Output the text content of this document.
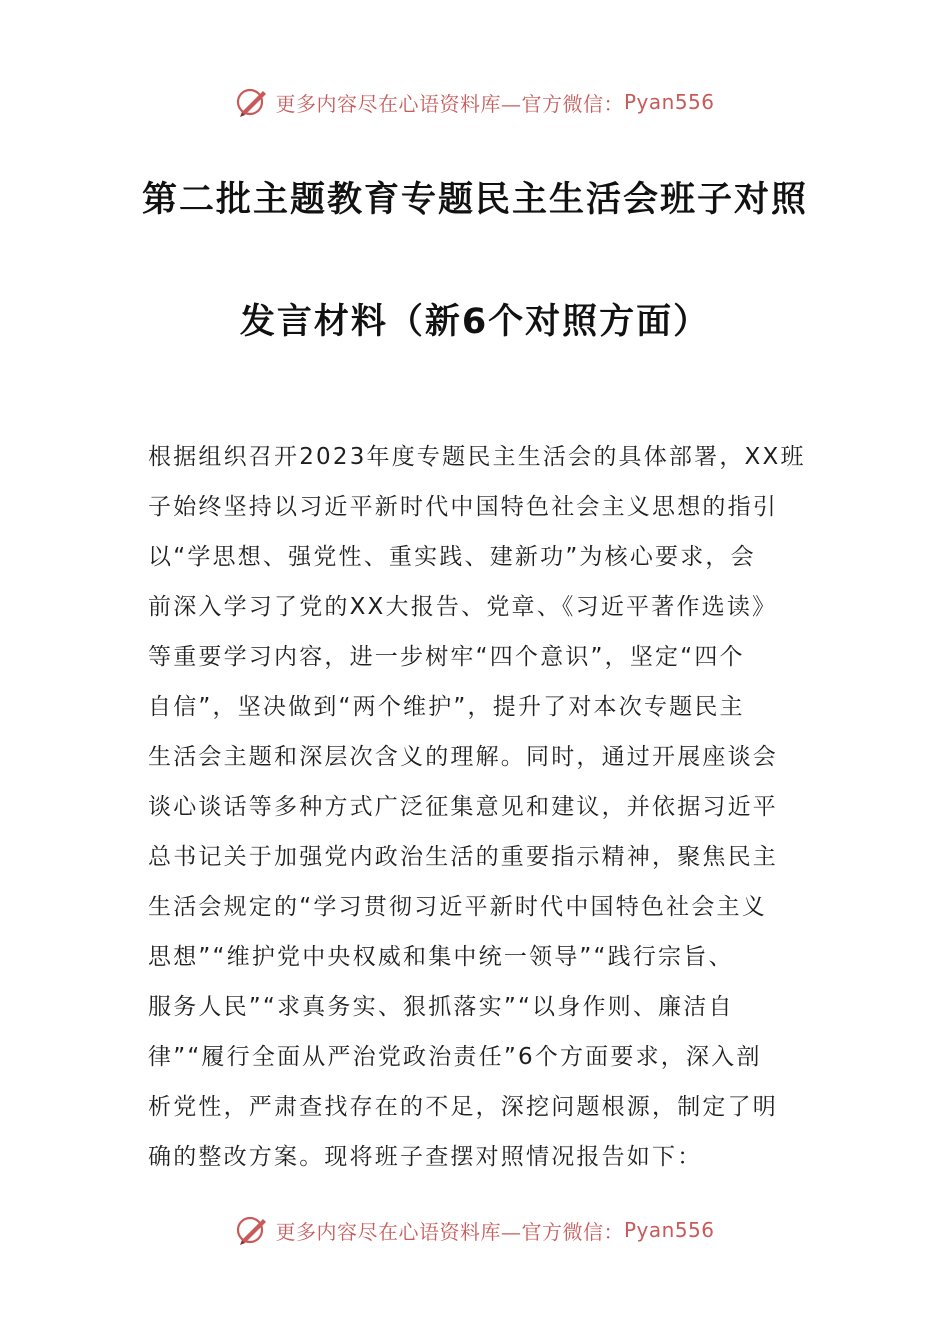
更多内容尽在心语资料库—官方微信： Pyan556
第二批主题教育专题民主生活会班子对照
发言材料（新6个对照方面）
根据组织召开2023年度专题民主生活会的具体部署，XX班
子始终坚持以习近平新时代中国特色社会主义思想的指引
以“学思想、强党性、重实践、建新功”为核心要求，会
前深入学习了党的XX大报告、党章、《习近平著作选读》
等重要学习内容，进一步树牢“四个意识”，坚定“四个
自信”，坚决做到“两个维护”，提升了对本次专题民主
生活会主题和深层次含义的理解。同时，通过开展座谈会
谈心谈话等多种方式广泛征集意见和建议，并依据习近平
总书记关于加强党内政治生活的重要指示精神，聚焦民主
生活会规定的“学习贯彻习近平新时代中国特色社会主义
思想”“维护党中央权威和集中统一领导”“践行宗旨、
服务人民”“求真务实、狠抓落实”“以身作则、廉洁自
律”“履行全面从严治党政治责任”6个方面要求，深入剖
析党性，严肃查找存在的不足，深挖问题根源，制定了明
确的整改方案。现将班子查摆对照情况报告如下：
更多内容尽在心语资料库—官方微信： Pyan556
